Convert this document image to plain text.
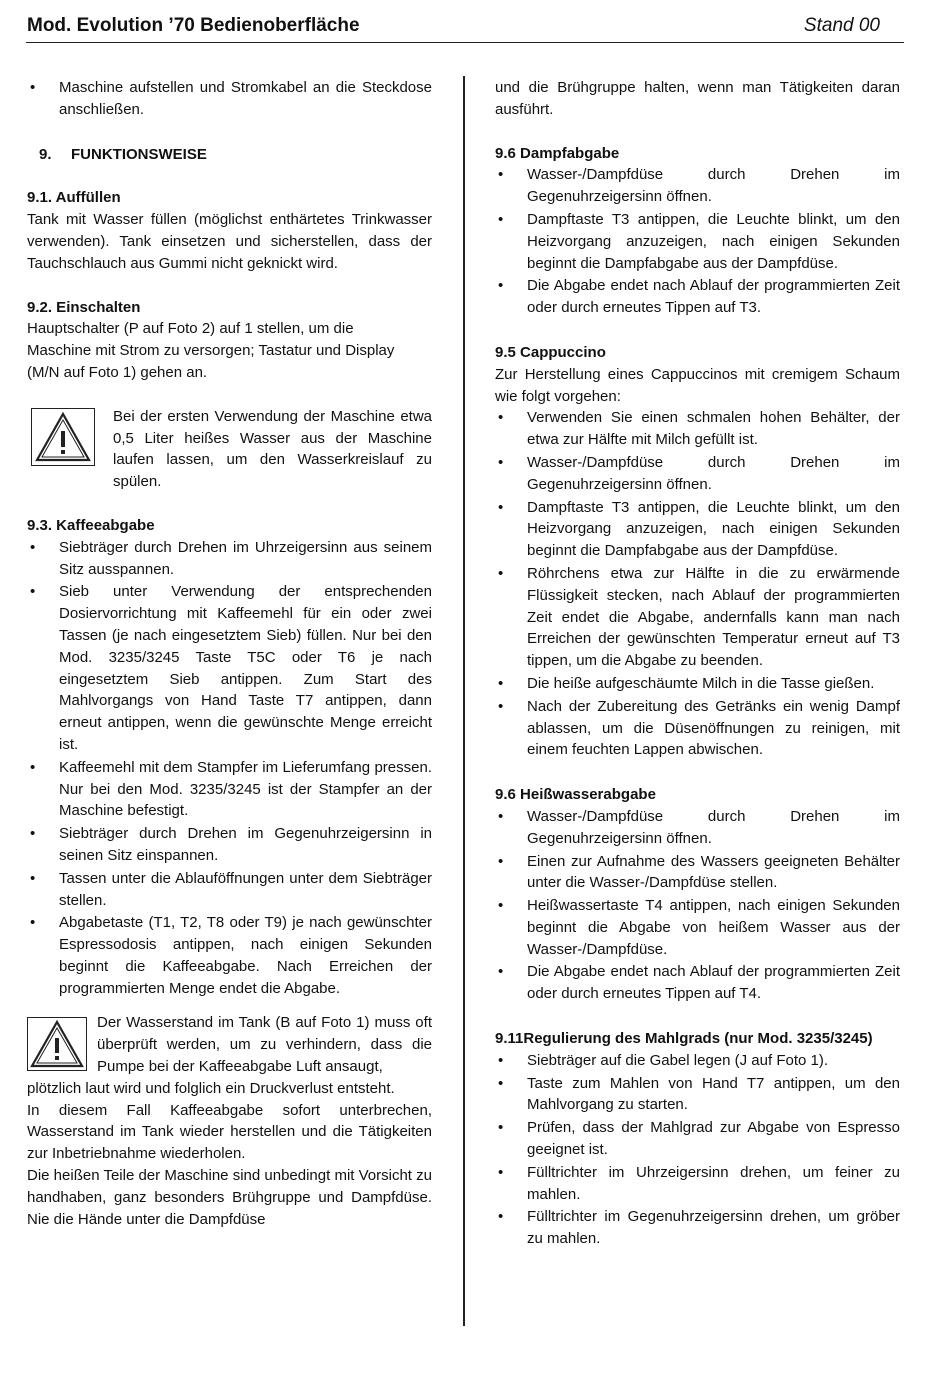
Mod. Evolution ’70 Bedienoberfläche	Stand 00
• Maschine aufstellen und Stromkabel an die Steckdose anschließen.

9. FUNKTIONSWEISE

9.1. Auffüllen

Tank mit Wasser füllen (möglichst enthärtetes Trinkwasser verwenden). Tank einsetzen und sicherstellen, dass der Tauchschlauch aus Gummi nicht geknickt wird.

9.2. Einschalten

Hauptschalter (P auf Foto 2) auf 1 stellen, um die

Maschine mit Strom zu versorgen; Tastatur und Display

(M/N auf Foto 1) gehen an.

Bei der ersten Verwendung der Maschine etwa 0,5 Liter heißes Wasser aus der Maschine laufen lassen, um den Wasserkreislauf zu spülen.

9.3. Kaffeeabgabe

• Siebträger durch Drehen im Uhrzeigersinn aus seinem Sitz ausspannen.
• Sieb unter Verwendung der entsprechenden Dosiervorrichtung mit Kaffeemehl für ein oder zwei Tassen (je nach eingesetztem Sieb) füllen. Nur bei den Mod. 3235/3245 Taste T5C oder T6 je nach eingesetztem Sieb antippen. Zum Start des Mahlvorgangs von Hand Taste T7 antippen, dann erneut antippen, wenn die gewünschte Menge erreicht ist.
• Kaffeemehl mit dem Stampfer im Lieferumfang pressen. Nur bei den Mod. 3235/3245 ist der Stampfer an der Maschine befestigt.
• Siebträger durch Drehen im Gegenuhrzeigersinn in seinen Sitz einspannen.
• Tassen unter die Ablauföffnungen unter dem Siebträger stellen.
• Abgabetaste (T1, T2, T8 oder T9) je nach gewünschter Espressodosis antippen, nach einigen Sekunden beginnt die Kaffeeabgabe. Nach Erreichen der programmierten Menge endet die Abgabe.

Der Wasserstand im Tank (B auf Foto 1) muss oft überprüft werden, um zu verhindern, dass die Pumpe bei der Kaffeeabgabe Luft ansaugt,

plötzlich laut wird und folglich ein Druckverlust entsteht.

In diesem Fall Kaffeeabgabe sofort unterbrechen, Wasserstand im Tank wieder herstellen und die Tätigkeiten zur Inbetriebnahme wiederholen.

Die heißen Teile der Maschine sind unbedingt mit Vorsicht zu handhaben, ganz besonders Brühgruppe und Dampfdüse. Nie die Hände unter die Dampfdüse

und die Brühgruppe halten, wenn man Tätigkeiten daran ausführt.

9.6 Dampfabgabe

• Wasser-/Dampfdüse durch Drehen im Gegenuhrzeigersinn öffnen.
• Dampftaste T3 antippen, die Leuchte blinkt, um den Heizvorgang anzuzeigen, nach einigen Sekunden beginnt die Dampfabgabe aus der Dampfdüse.
• Die Abgabe endet nach Ablauf der programmierten Zeit oder durch erneutes Tippen auf T3.

9.5 Cappuccino

Zur Herstellung eines Cappuccinos mit cremigem Schaum wie folgt vorgehen:

• Verwenden Sie einen schmalen hohen Behälter, der etwa zur Hälfte mit Milch gefüllt ist.
• Wasser-/Dampfdüse durch Drehen im Gegenuhrzeigersinn öffnen.
• Dampftaste T3 antippen, die Leuchte blinkt, um den Heizvorgang anzuzeigen, nach einigen Sekunden beginnt die Dampfabgabe aus der Dampfdüse.
• Röhrchens etwa zur Hälfte in die zu erwärmende Flüssigkeit stecken, nach Ablauf der programmierten Zeit endet die Abgabe, andernfalls kann man nach Erreichen der gewünschten Temperatur erneut auf T3 tippen, um die Abgabe zu beenden.
• Die heiße aufgeschäumte Milch in die Tasse gießen.
• Nach der Zubereitung des Getränks ein wenig Dampf ablassen, um die Düsenöffnungen zu reinigen, mit einem feuchten Lappen abwischen.

9.6 Heißwasserabgabe

• Wasser-/Dampfdüse durch Drehen im Gegenuhrzeigersinn öffnen.
• Einen zur Aufnahme des Wassers geeigneten Behälter unter die Wasser-/Dampfdüse stellen.
• Heißwassertaste T4 antippen, nach einigen Sekunden beginnt die Abgabe von heißem Wasser aus der Wasser-/Dampfdüse.
• Die Abgabe endet nach Ablauf der programmierten Zeit oder durch erneutes Tippen auf T4.

9.11Regulierung des Mahlgrads (nur Mod. 3235/3245)

• Siebträger auf die Gabel legen (J auf Foto 1).
• Taste zum Mahlen von Hand T7 antippen, um den Mahlvorgang zu starten.
• Prüfen, dass der Mahlgrad zur Abgabe von Espresso geeignet ist.
• Fülltrichter im Uhrzeigersinn drehen, um feiner zu mahlen.
• Fülltrichter im Gegenuhrzeigersinn drehen, um gröber zu mahlen.
